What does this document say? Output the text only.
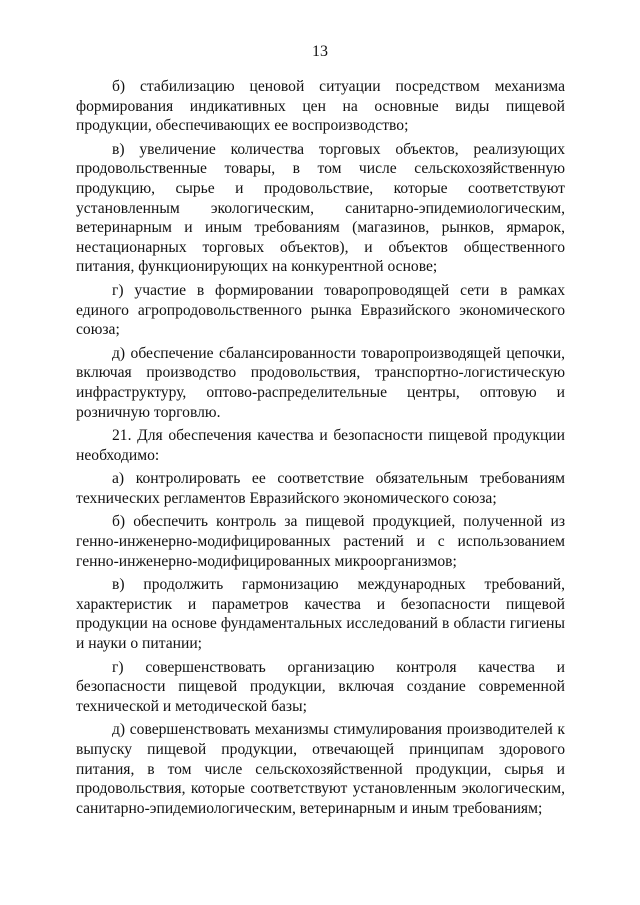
13

б) стабилизацию ценовой ситуации посредством механизма формирования индикативных цен на основные виды пищевой продукции, обеспечивающих ее воспроизводство;

в) увеличение количества торговых объектов, реализующих продовольственные товары, в том числе сельскохозяйственную продукцию, сырье и продовольствие, которые соответствуют установленным экологическим, санитарно-эпидемиологическим, ветеринарным и иным требованиям (магазинов, рынков, ярмарок, нестационарных торговых объектов), и объектов общественного питания, функционирующих на конкурентной основе;

г) участие в формировании товаропроводящей сети в рамках единого агропродовольственного рынка Евразийского экономического союза;

д) обеспечение сбалансированности товаропроизводящей цепочки, включая производство продовольствия, транспортно-логистическую инфраструктуру, оптово-распределительные центры, оптовую и розничную торговлю.

21. Для обеспечения качества и безопасности пищевой продукции необходимо:

а) контролировать ее соответствие обязательным требованиям технических регламентов Евразийского экономического союза;

б) обеспечить контроль за пищевой продукцией, полученной из генно-инженерно-модифицированных растений и с использованием генно-инженерно-модифицированных микроорганизмов;

в) продолжить гармонизацию международных требований, характеристик и параметров качества и безопасности пищевой продукции на основе фундаментальных исследований в области гигиены и науки о питании;

г) совершенствовать организацию контроля качества и безопасности пищевой продукции, включая создание современной технической и методической базы;

д) совершенствовать механизмы стимулирования производителей к выпуску пищевой продукции, отвечающей принципам здорового питания, в том числе сельскохозяйственной продукции, сырья и продовольствия, которые соответствуют установленным экологическим, санитарно-эпидемиологическим, ветеринарным и иным требованиям;
